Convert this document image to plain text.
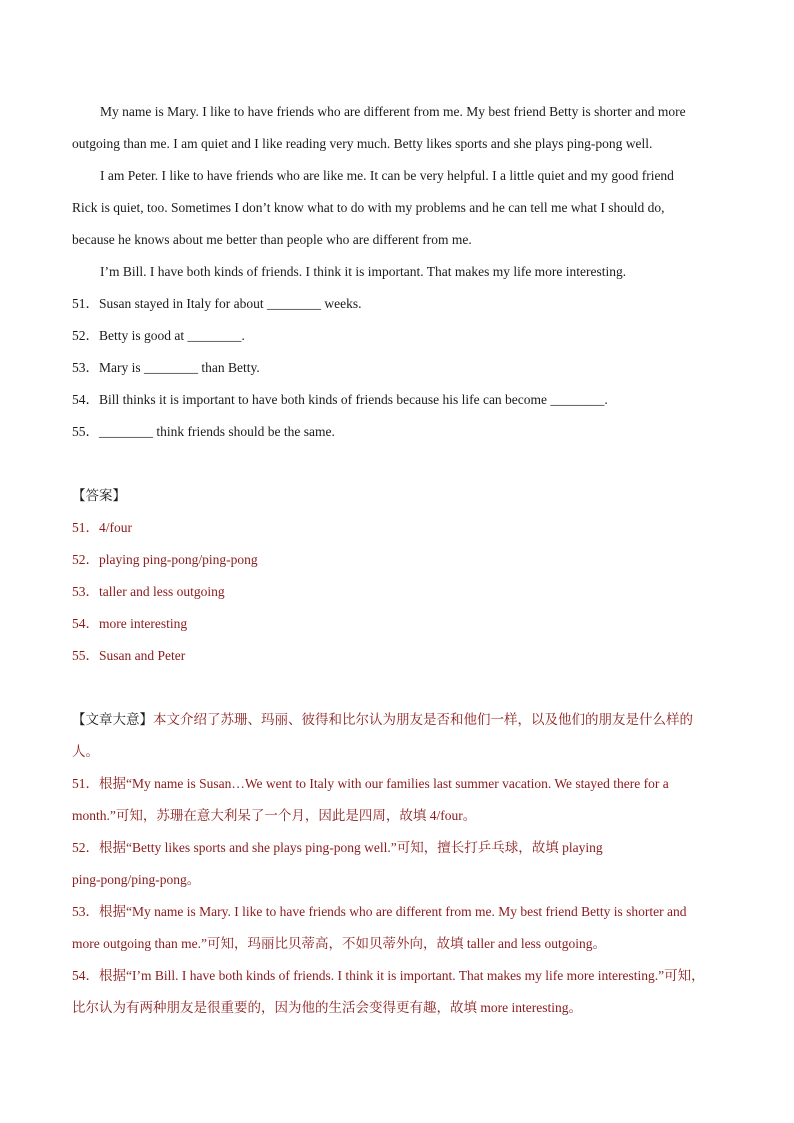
My name is Mary. I like to have friends who are different from me. My best friend Betty is shorter and more

outgoing than me. I am quiet and I like reading very much. Betty likes sports and she plays ping-pong well.

I am Peter. I like to have friends who are like me. It can be very helpful. I a little quiet and my good friend

Rick is quiet, too. Sometimes I don’t know what to do with my problems and he can tell me what I should do,

because he knows about me better than people who are different from me.

I’m Bill. I have both kinds of friends. I think it is important. That makes my life more interesting.

51．Susan stayed in Italy for about ________ weeks.

52．Betty is good at ________.

53．Mary is ________ than Betty.

54．Bill thinks it is important to have both kinds of friends because his life can become ________.

55．________ think friends should be the same.

【答案】

51．4/four

52．playing ping-pong/ping-pong

53．taller and less outgoing

54．more interesting

55．Susan and Peter

【文章大意】本文介绍了苏珊、玛丽、彼得和比尔认为朋友是否和他们一样，以及他们的朋友是什么样的

人。

51．根据“My name is Susan…We went to Italy with our families last summer vacation. We stayed there for a

month.”可知，苏珊在意大利呆了一个月，因此是四周，故填 4/four。

52．根据“Betty likes sports and she plays ping-pong well.”可知，擅长打乒乓球，故填 playing

ping-pong/ping-pong。

53．根据“My name is Mary. I like to have friends who are different from me. My best friend Betty is shorter and

more outgoing than me.”可知，玛丽比贝蒂高，不如贝蒂外向，故填 taller and less outgoing。

54．根据“I’m Bill. I have both kinds of friends. I think it is important. That makes my life more interesting.”可知，

比尔认为有两种朋友是很重要的，因为他的生活会变得更有趣，故填 more interesting。
